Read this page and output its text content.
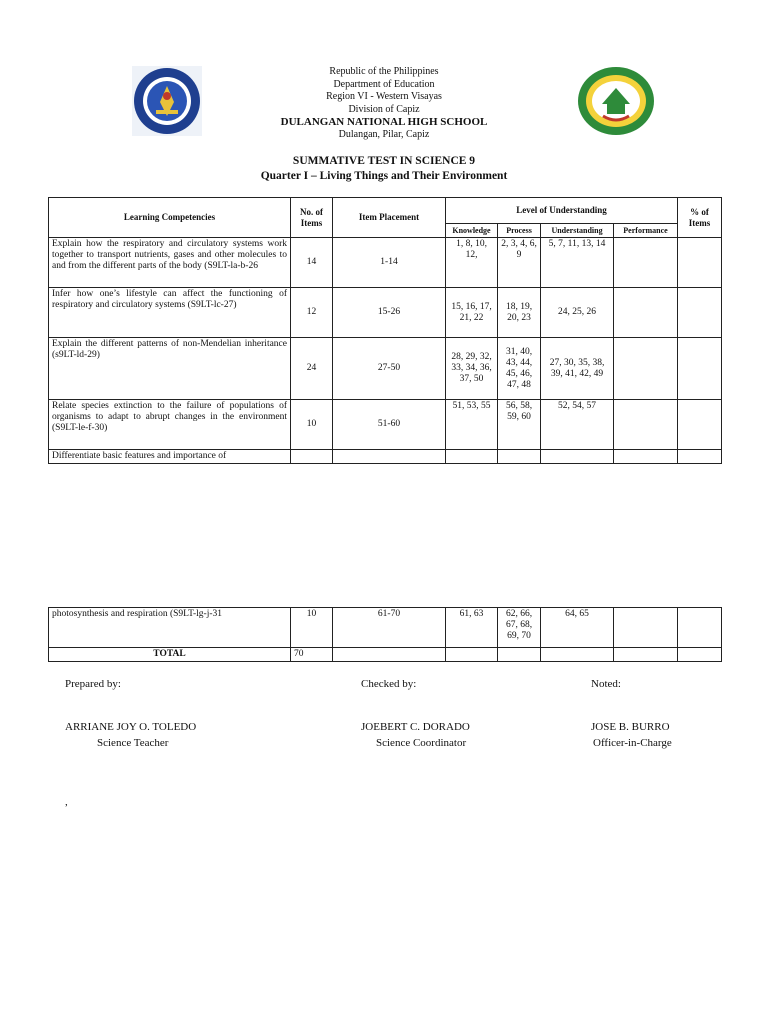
Republic of the Philippines
Department of Education
Region VI - Western Visayas
Division of Capiz
DULANGAN NATIONAL HIGH SCHOOL
Dulangan, Pilar, Capiz
SUMMATIVE TEST IN SCIENCE 9
Quarter I – Living Things and Their Environment
Learning Competencies	No. of Items	Item Placement	Level of Understanding				% of Items
			Knowledge	Process	Understanding	Performance	
Explain how the respiratory and circulatory systems work together to transport nutrients, gases and other molecules to and from the different parts of the body (S9LT-la-b-26	14	1-14	1, 8, 10, 12,	2, 3, 4, 6, 9	5, 7, 11, 13, 14		
Infer how one’s lifestyle can affect the functioning of respiratory and circulatory systems (S9LT-lc-27)	12	15-26	15, 16, 17, 21, 22	18, 19, 20, 23	24, 25, 26		
Explain the different patterns of non-Mendelian inheritance (s9LT-ld-29)	24	27-50	28, 29, 32, 33, 34, 36, 37, 50	31, 40, 43, 44, 45, 46, 47, 48	27, 30, 35, 38, 39, 41, 42, 49		
Relate species extinction to the failure of populations of organisms to adapt to abrupt changes in the environment (S9LT-le-f-30)	10	51-60	51, 53, 55	56, 58, 59, 60	52, 54, 57		
Differentiate basic features and importance of							
photosynthesis and respiration (S9LT-lg-j-31	10	61-70	61, 63	62, 66, 67, 68, 69, 70	64, 65		
TOTAL	70						
Prepared by:	Checked by:	Noted:
ARRIANE JOY O. TOLEDO
Science Teacher
JOEBERT C. DORADO
Science Coordinator
JOSE B. BURRO
Officer-in-Charge
,
